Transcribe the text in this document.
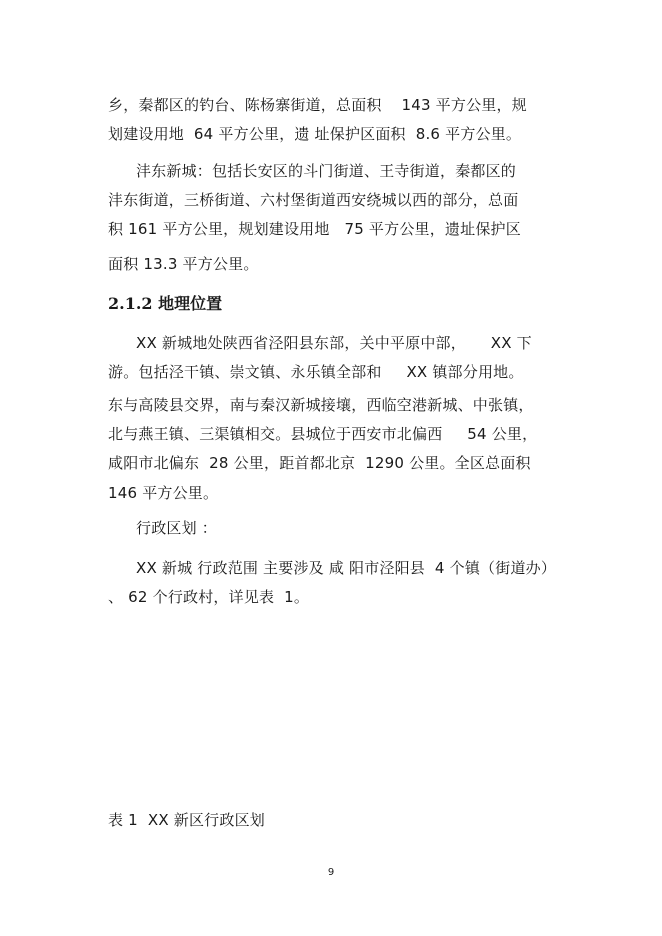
乡，秦都区的钓台、陈杨寨街道，总面积    143 平方公里，规
划建设用地  64 平方公里，遗 址保护区面积  8.6 平方公里。
沣东新城：包括长安区的斗门街道、王寺街道，秦都区的
沣东街道，三桥街道、六村堡街道西安绕城以西的部分，总面
积 161 平方公里，规划建设用地   75 平方公里，遗址保护区
面积 13.3 平方公里。
2.1.2 地理位置
XX 新城地处陕西省泾阳县东部，关中平原中部，     XX 下
游。包括泾干镇、崇文镇、永乐镇全部和     XX 镇部分用地。
东与高陵县交界，南与秦汉新城接壤，西临空港新城、中张镇，
北与燕王镇、三渠镇相交。县城位于西安市北偏西     54 公里，
咸阳市北偏东  28 公里，距首都北京  1290 公里。全区总面积
146 平方公里。
行政区划 ：
XX 新城 行政范围 主要涉及 咸 阳市泾阳县  4 个镇（街道办）
、 62 个行政村，详见表  1。
表 1  XX 新区行政区划
9
